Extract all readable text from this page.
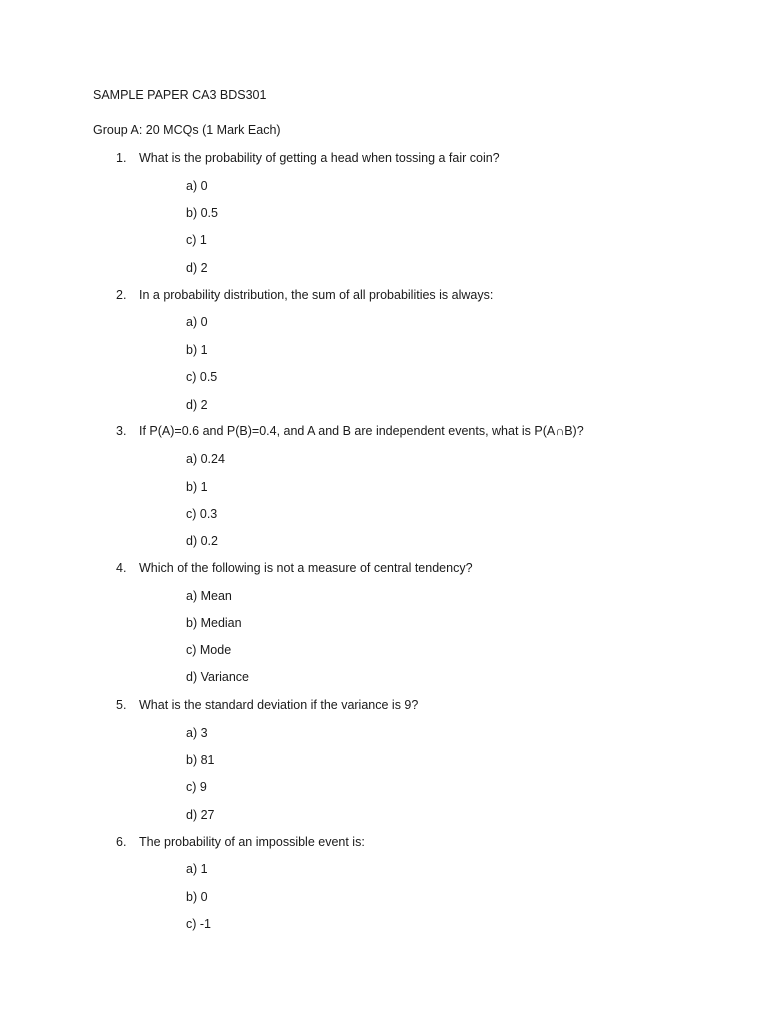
SAMPLE PAPER CA3 BDS301
Group A: 20 MCQs (1 Mark Each)
1. What is the probability of getting a head when tossing a fair coin?
a) 0
b) 0.5
c) 1
d) 2
2. In a probability distribution, the sum of all probabilities is always:
a) 0
b) 1
c) 0.5
d) 2
3. If P(A)=0.6 and P(B)=0.4, and A and B are independent events, what is P(A∩B)?
a) 0.24
b) 1
c) 0.3
d) 0.2
4. Which of the following is not a measure of central tendency?
a) Mean
b) Median
c) Mode
d) Variance
5. What is the standard deviation if the variance is 9?
a) 3
b) 81
c) 9
d) 27
6. The probability of an impossible event is:
a) 1
b) 0
c) -1
